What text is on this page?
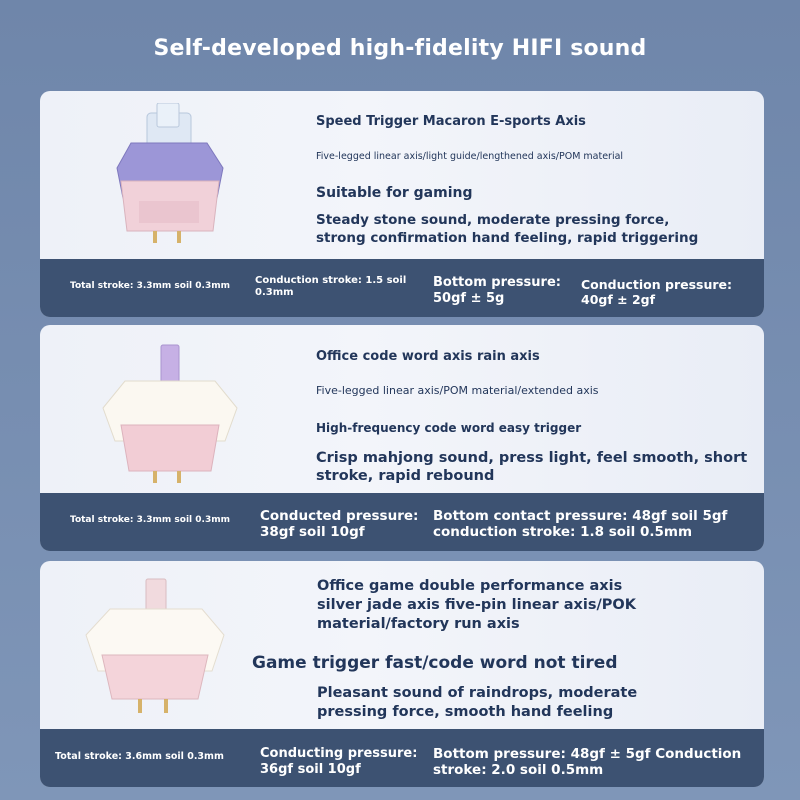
Self-developed high-fidelity HIFI sound
Speed Trigger Macaron E-sports Axis
Five-legged linear axis/light guide/lengthened axis/POM material
Suitable for gaming
Steady stone sound, moderate pressing force, strong confirmation hand feeling, rapid triggering
Total stroke: 3.3mm soil 0.3mm	Conduction stroke: 1.5 soil 0.3mm
Bottom pressure: 50gf ± 5g
Conduction pressure: 40gf ± 2gf
Office code word axis rain axis
Five-legged linear axis/POM material/extended axis
High-frequency code word easy trigger
Crisp mahjong sound, press light, feel smooth, short stroke, rapid rebound
Total stroke: 3.3mm soil 0.3mm Conducted pressure: 38gf soil 10gf
Bottom contact pressure: 48gf soil 5gf conduction stroke: 1.8 soil 0.5mm
Office game double performance axis silver jade axis five-pin linear axis/POK material/factory run axis
Game trigger fast/code word not tired
Pleasant sound of raindrops, moderate pressing force, smooth hand feeling
Total stroke: 3.6mm soil 0.3mm	Conducting pressure: 36gf soil 10gf
Bottom pressure: 48gf ± 5gf Conduction stroke: 2.0 soil 0.5mm
